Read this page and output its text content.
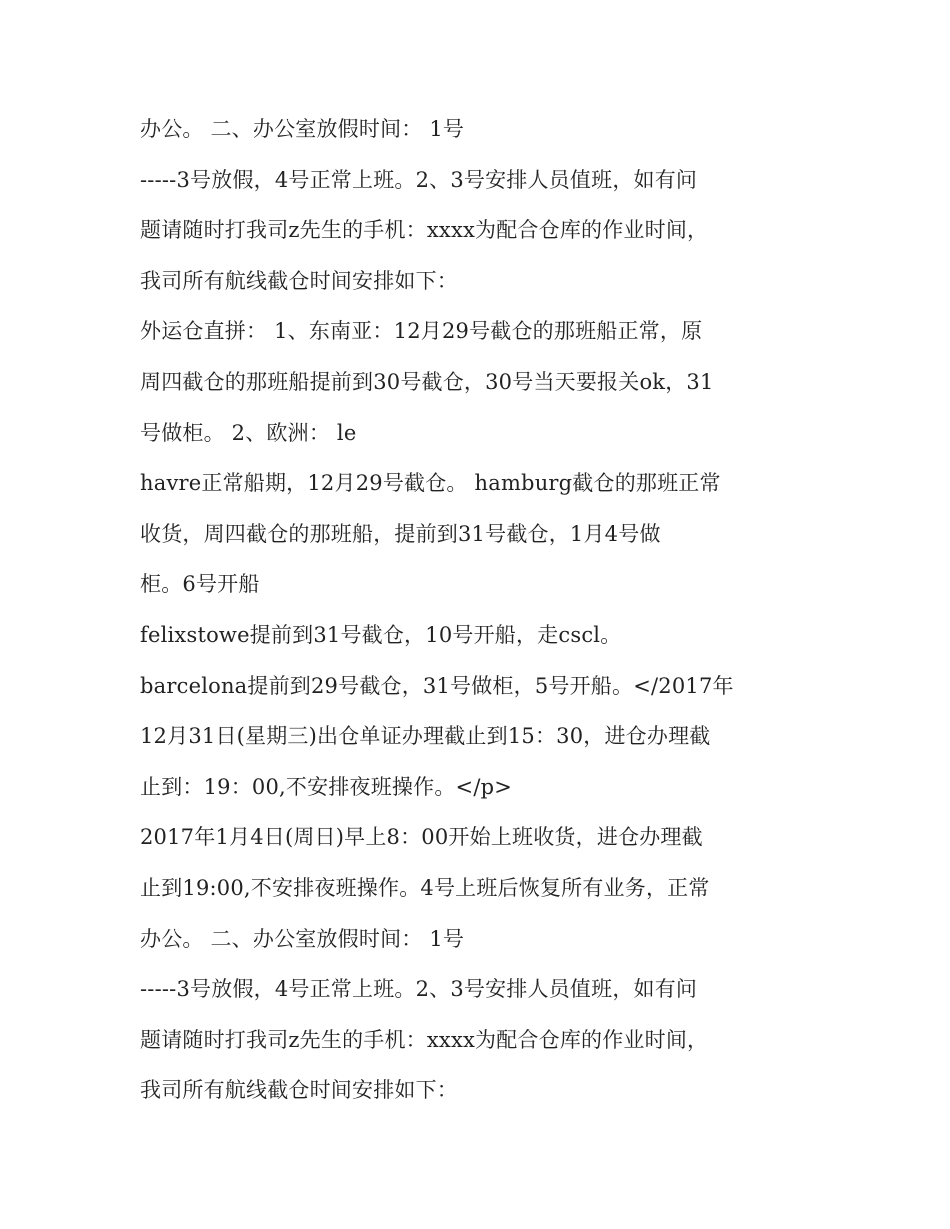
办公。 二、办公室放假时间： 1号
-----3号放假，4号正常上班。2、3号安排人员值班，如有问
题请随时打我司z先生的手机：xxxx为配合仓库的作业时间，
我司所有航线截仓时间安排如下：
外运仓直拼： 1、东南亚：12月29号截仓的那班船正常，原
周四截仓的那班船提前到30号截仓，30号当天要报关ok，31
号做柜。 2、欧洲： le
havre正常船期，12月29号截仓。 hamburg截仓的那班正常
收货，周四截仓的那班船，提前到31号截仓，1月4号做
柜。6号开船
felixstowe提前到31号截仓，10号开船，走cscl。
barcelona提前到29号截仓，31号做柜，5号开船。</2017年
12月31日(星期三)出仓单证办理截止到15：30，进仓办理截
止到：19：00,不安排夜班操作。</p>
2017年1月4日(周日)早上8：00开始上班收货，进仓办理截
止到19:00,不安排夜班操作。4号上班后恢复所有业务，正常
办公。 二、办公室放假时间： 1号
-----3号放假，4号正常上班。2、3号安排人员值班，如有问
题请随时打我司z先生的手机：xxxx为配合仓库的作业时间，
我司所有航线截仓时间安排如下：
